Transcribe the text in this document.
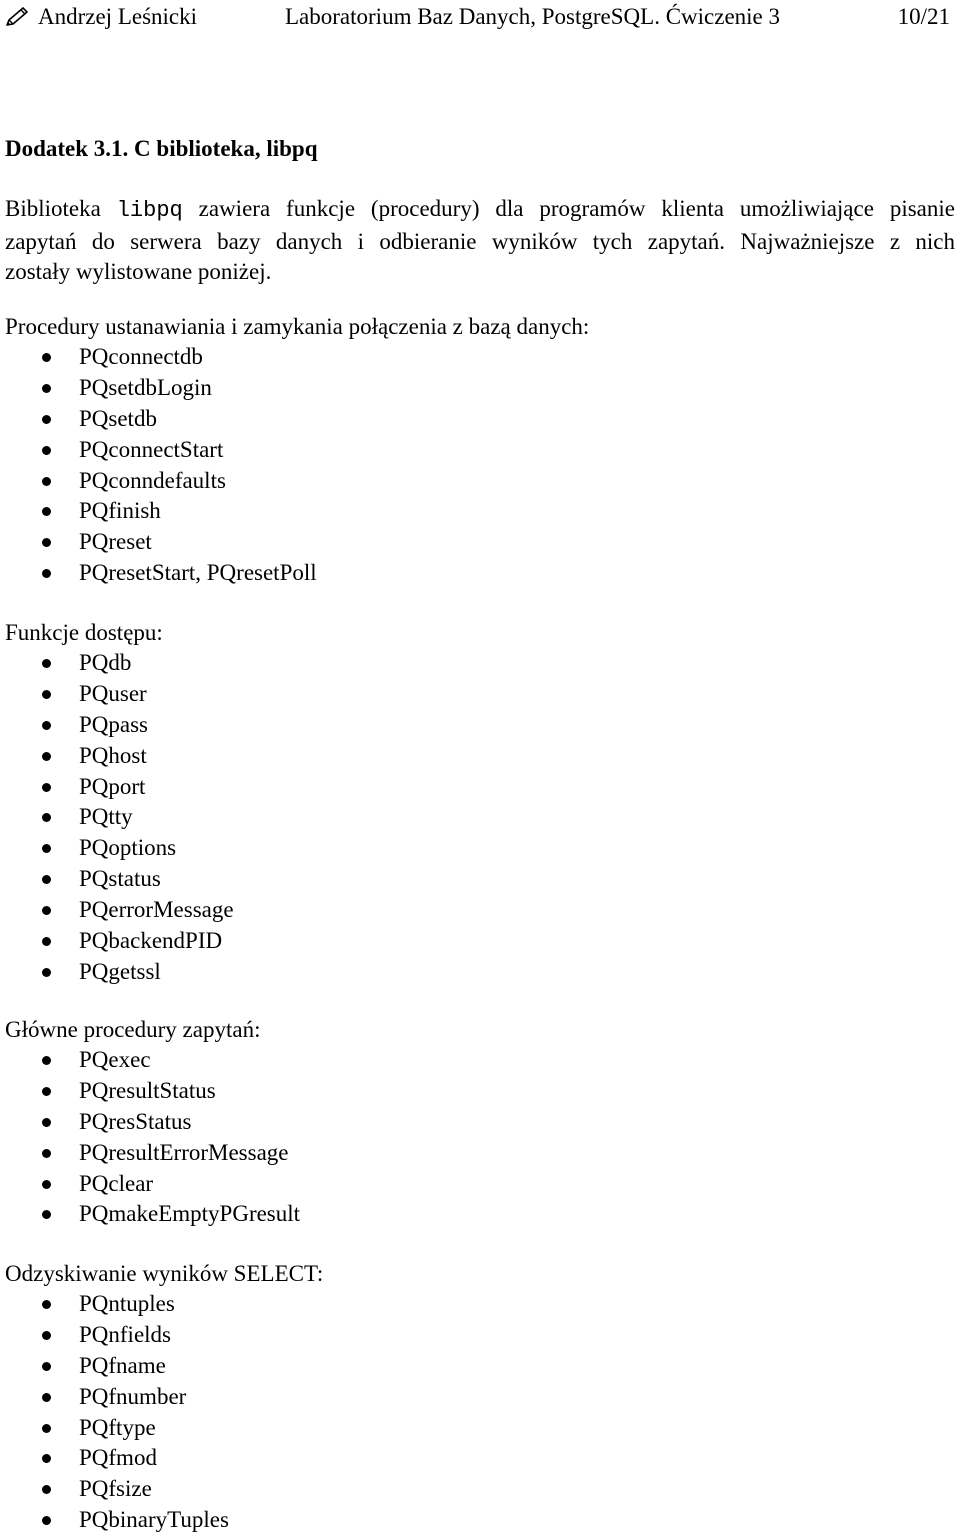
Andrzej Leśnicki	Laboratorium Baz Danych, PostgreSQL. Ćwiczenie 3	10/21
Dodatek 3.1. C biblioteka, libpq
Biblioteka libpq zawiera funkcje (procedury) dla programów klienta umożliwiające pisanie
zapytań do serwera bazy danych i odbieranie wyników tych zapytań. Najważniejsze z nich
zostały wylistowane poniżej.
Procedury ustanawiania i zamykania połączenia z bazą danych:
PQconnectdb
PQsetdbLogin
PQsetdb
PQconnectStart
PQconndefaults
PQfinish
PQreset
PQresetStart, PQresetPoll
Funkcje dostępu:
PQdb
PQuser
PQpass
PQhost
PQport
PQtty
PQoptions
PQstatus
PQerrorMessage
PQbackendPID
PQgetssl
Główne procedury zapytań:
PQexec
PQresultStatus
PQresStatus
PQresultErrorMessage
PQclear
PQmakeEmptyPGresult
Odzyskiwanie wyników SELECT:
PQntuples
PQnfields
PQfname
PQfnumber
PQftype
PQfmod
PQfsize
PQbinaryTuples
